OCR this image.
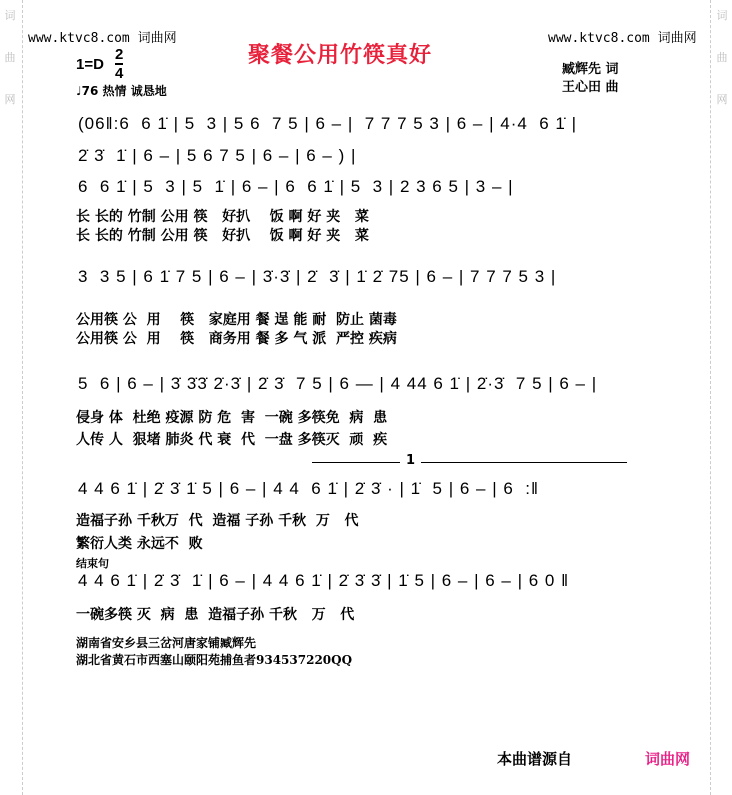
词
曲
网
词
曲
网
www.ktvc8.com 词曲网	www.ktvc8.com 词曲网
聚餐公用竹筷真好
1=D
2
4
♩76 热情 诚恳地
臧辉先 词
王心田 曲
(06‖:6  6 1̇ | 5  3 | 5 6  7 5 | 6 – |  7 7 7 5 3 | 6 – | 4·4  6 1̇ |
2̇ 3̇  1̇ | 6 – | 5 6 7 5 | 6 – | 6 – ) |
6  6 1̇ | 5  3 | 5  1̇ | 6 – | 6  6 1̇ | 5  3 | 2 3 6 5 | 3 – |
长 长的 竹制 公用 筷   好扒    饭 啊 好 夹   菜
长 长的 竹制 公用 筷   好扒    饭 啊 好 夹   菜
3  3 5 | 6 1̇ 7 5 | 6 – | 3̇·3̇ | 2̇  3̇ | 1̇ 2̇ 75 | 6 – | 7 7 7 5 3 |
公用筷 公  用    筷   家庭用 餐 逞 能 耐  防止 菌毒
公用筷 公  用    筷   商务用 餐 多 气 派  严控 疾病
5  6 | 6 – | 3̇ 3̇3̇ 2̇·3̇ | 2̇ 3̇  7 5 | 6 — | 4 44 6 1̇ | 2̇·3̇  7 5 | 6 – |
侵身 体  杜绝 疫源 防 危  害  一碗 多筷免  病  患
人传 人  狠堵 肺炎 代 衰  代  一盘 多筷灭  顽  疾
1
4 4 6 1̇ | 2̇ 3̇ 1̇ 5 | 6 – | 4 4  6 1̇ | 2̇ 3̇ · | 1̇  5 | 6 – | 6  :‖
造福子孙 千秋万  代  造福 子孙 千秋  万   代
繁衍人类 永远不  败
结束句
4 4 6 1̇ | 2̇ 3̇  1̇ | 6 – | 4 4 6 1̇ | 2̇ 3̇ 3̇ | 1̇ 5 | 6 – | 6 – | 6 0 ‖
一碗多筷 灭  病  患  造福子孙 千秋   万   代
湖南省安乡县三岔河唐家铺臧辉先
湖北省黄石市西塞山颐阳苑捕鱼者93453722​0QQ
本曲谱源自	词曲网
